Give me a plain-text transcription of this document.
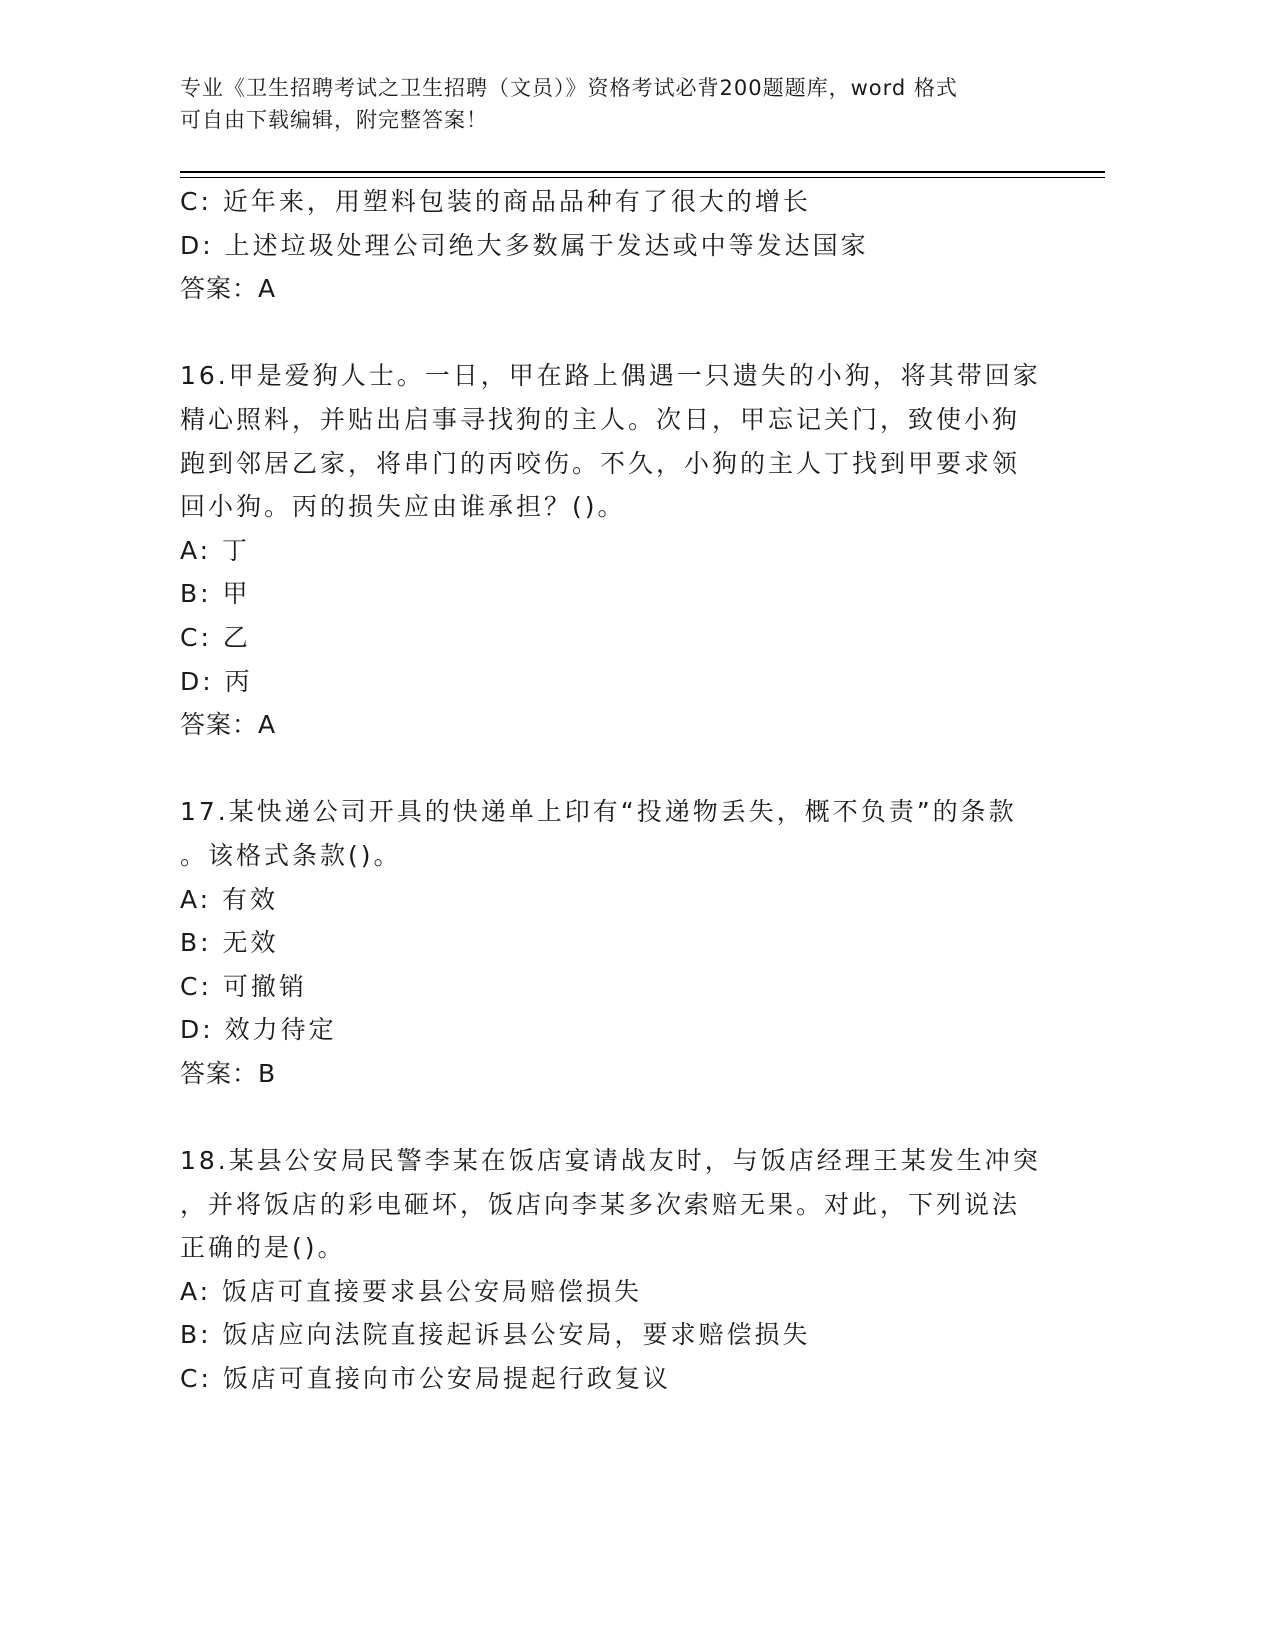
专业《卫生招聘考试之卫生招聘（文员）》资格考试必背200题题库，word 格式
可自由下载编辑，附完整答案！
C: 近年来，用塑料包装的商品品种有了很大的增长
D: 上述垃圾处理公司绝大多数属于发达或中等发达国家
答案：A
16.甲是爱狗人士。一日，甲在路上偶遇一只遗失的小狗，将其带回家
精心照料，并贴出启事寻找狗的主人。次日，甲忘记关门，致使小狗
跑到邻居乙家，将串门的丙咬伤。不久，小狗的主人丁找到甲要求领
回小狗。丙的损失应由谁承担？()。
A: 丁
B: 甲
C: 乙
D: 丙
答案：A
17.某快递公司开具的快递单上印有“投递物丢失，概不负责”的条款
。该格式条款()。
A: 有效
B: 无效
C: 可撤销
D: 效力待定
答案：B
18.某县公安局民警李某在饭店宴请战友时，与饭店经理王某发生冲突
，并将饭店的彩电砸坏，饭店向李某多次索赔无果。对此，下列说法
正确的是()。
A: 饭店可直接要求县公安局赔偿损失
B: 饭店应向法院直接起诉县公安局，要求赔偿损失
C: 饭店可直接向市公安局提起行政复议
